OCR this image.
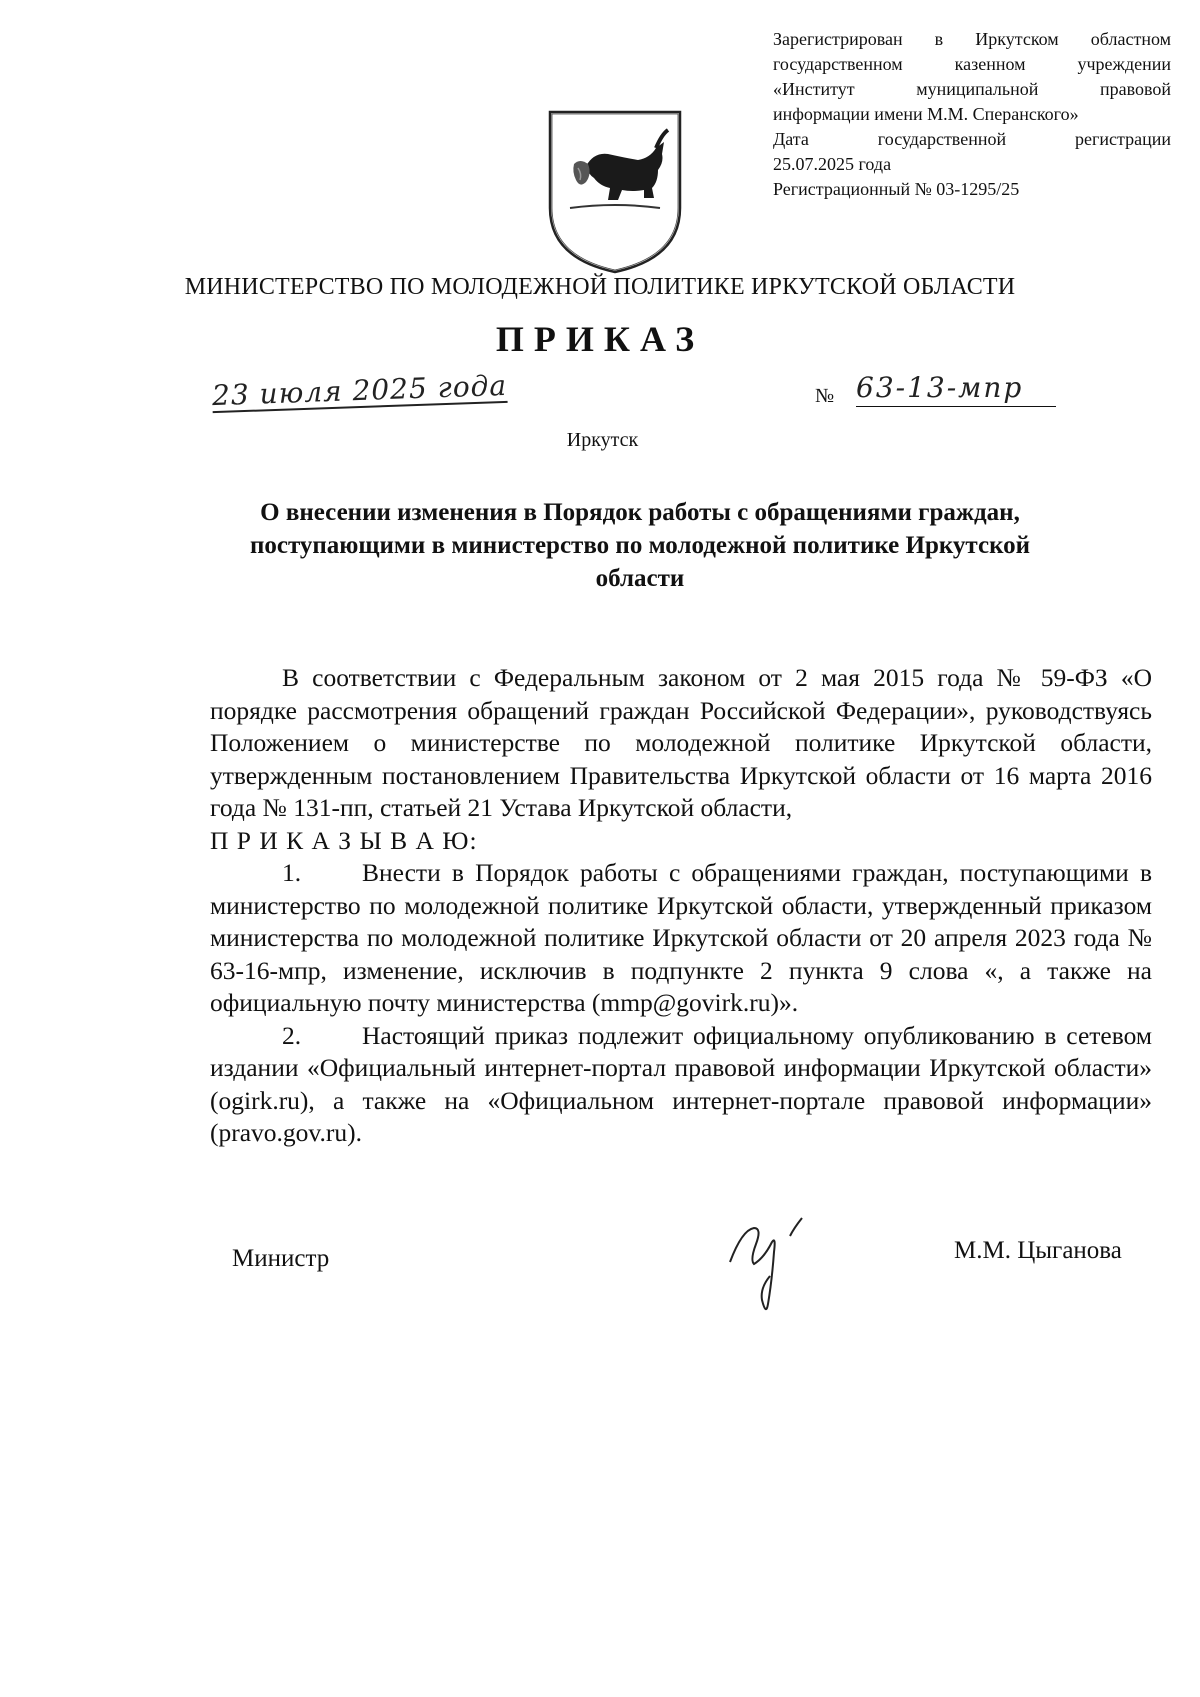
Зарегистрирован в Иркутском областном
государственном казенном учреждении
«Институт муниципальной правовой
информации имени М.М. Сперанского»
Дата государственной регистрации
25.07.2025 года
Регистрационный № 03-1295/25
МИНИСТЕРСТВО ПО МОЛОДЕЖНОЙ ПОЛИТИКЕ ИРКУТСКОЙ ОБЛАСТИ
ПРИКАЗ
23 июля 2025 года	№ 63-13-мпр
Иркутск
О внесении изменения в Порядок работы с обращениями граждан, поступающими в министерство по молодежной политике Иркутской области

В соответствии с Федеральным законом от 2 мая 2015 года № 59-ФЗ «О порядке рассмотрения обращений граждан Российской Федерации», руководствуясь Положением о министерстве по молодежной политике Иркутской области, утвержденным постановлением Правительства Иркутской области от 16 марта 2016 года № 131-пп, статьей 21 Устава Иркутской области,

П Р И К А З Ы В А Ю:

1. Внести в Порядок работы с обращениями граждан, поступающими в министерство по молодежной политике Иркутской области, утвержденный приказом министерства по молодежной политике Иркутской области от 20 апреля 2023 года № 63-16-мпр, изменение, исключив в подпункте 2 пункта 9 слова «, а также на официальную почту министерства (mmp@govirk.ru)».

2. Настоящий приказ подлежит официальному опубликованию в сетевом издании «Официальный интернет-портал правовой информации Иркутской области» (ogirk.ru), а также на «Официальном интернет-портале правовой информации» (pravo.gov.ru).

Министр	М.М. Цыганова
